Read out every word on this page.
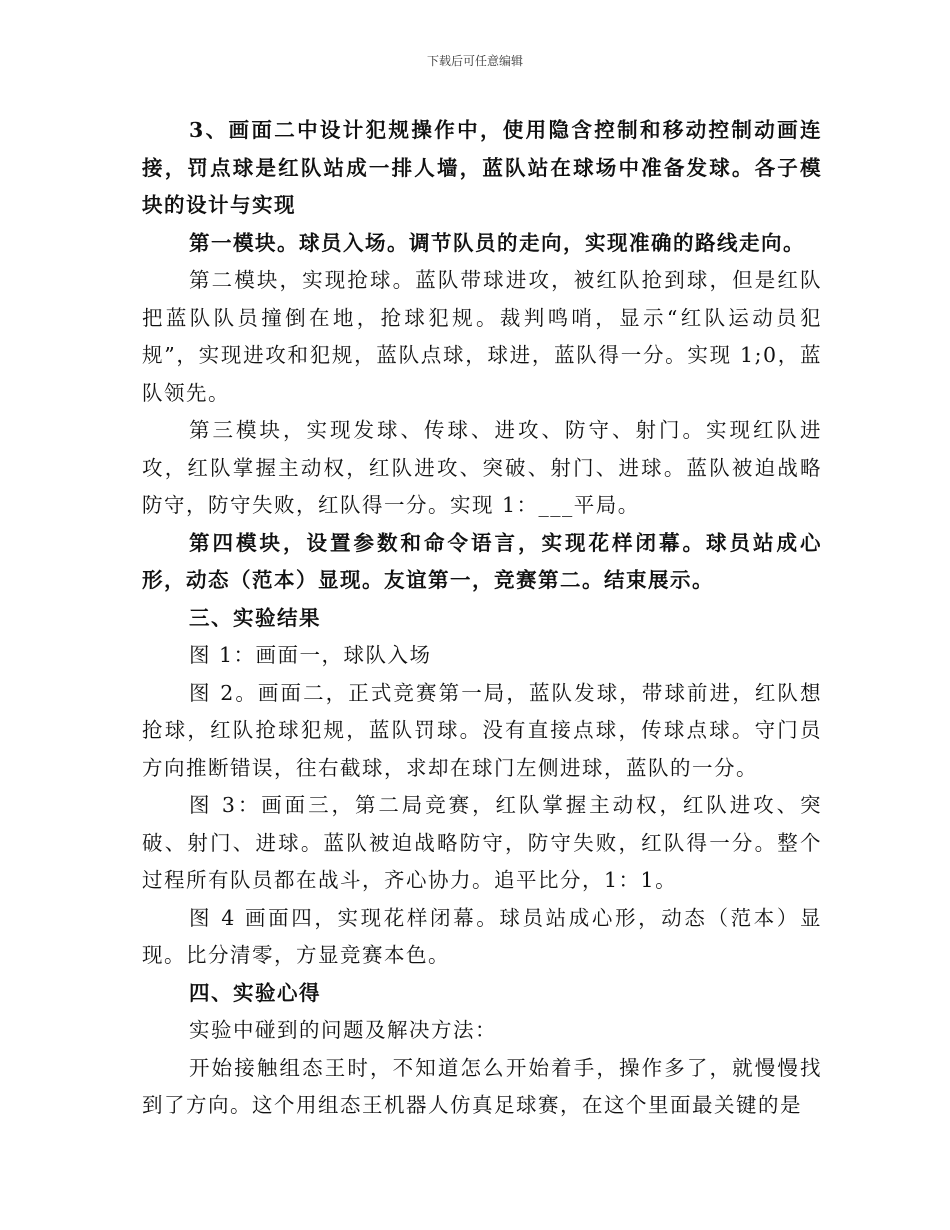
下载后可任意编辑

3、画面二中设计犯规操作中，使用隐含控制和移动控制动画连接，罚点球是红队站成一排人墙，蓝队站在球场中准备发球。各子模块的设计与实现

第一模块。球员入场。调节队员的走向，实现准确的路线走向。

第二模块，实现抢球。蓝队带球进攻，被红队抢到球，但是红队把蓝队队员撞倒在地，抢球犯规。裁判鸣哨，显示“红队运动员犯规”，实现进攻和犯规，蓝队点球，球进，蓝队得一分。实现 1;0，蓝队领先。

第三模块，实现发球、传球、进攻、防守、射门。实现红队进攻，红队掌握主动权，红队进攻、突破、射门、进球。蓝队被迫战略防守，防守失败，红队得一分。实现 1：___平局。

第四模块，设置参数和命令语言，实现花样闭幕。球员站成心形，动态（范本）显现。友谊第一，竞赛第二。结束展示。

三、实验结果

图 1：画面一，球队入场

图 2。画面二，正式竞赛第一局，蓝队发球，带球前进，红队想抢球，红队抢球犯规，蓝队罚球。没有直接点球，传球点球。守门员方向推断错误，往右截球，求却在球门左侧进球，蓝队的一分。

图 3：画面三，第二局竞赛，红队掌握主动权，红队进攻、突破、射门、进球。蓝队被迫战略防守，防守失败，红队得一分。整个过程所有队员都在战斗，齐心协力。追平比分，1：1。

图 4 画面四，实现花样闭幕。球员站成心形，动态（范本）显现。比分清零，方显竞赛本色。

四、实验心得

实验中碰到的问题及解决方法：

开始接触组态王时，不知道怎么开始着手，操作多了，就慢慢找到了方向。这个用组态王机器人仿真足球赛，在这个里面最关键的是
